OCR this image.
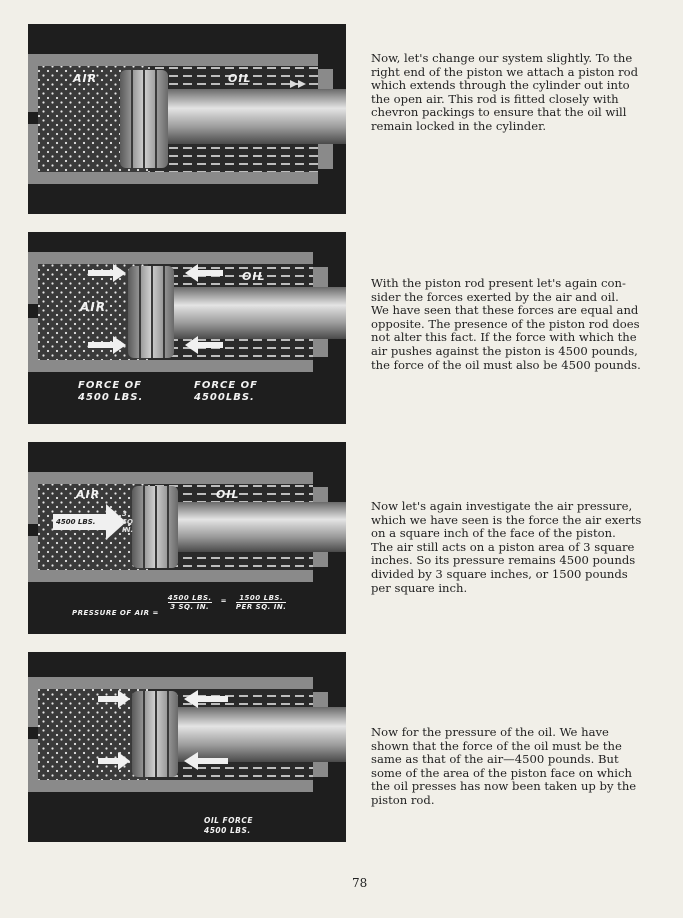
AIR	OIL
AIR
OIL
FORCE OF
4500 LBS.
FORCE OF
4500LBS.
AIR	OIL
4500 LBS.
3
SQ
IN.
PRESSURE OF AIR =
4500 LBS.
3 SQ. IN.
=	1500 LBS.
PER SQ. IN.
OIL FORCE
4500 LBS.
Now, let's change our system slightly. To the
right end of the piston we attach a piston rod
which extends through the cylinder out into
the open air. This rod is fitted closely with
chevron packings to ensure that the oil will
remain locked in the cylinder.
With the piston rod present let's again con-
sider the forces exerted by the air and oil.
We have seen that these forces are equal and
opposite. The presence of the piston rod does
not alter this fact. If the force with which the
air pushes against the piston is 4500 pounds,
the force of the oil must also be 4500 pounds.
Now let's again investigate the air pressure,
which we have seen is the force the air exerts
on a square inch of the face of the piston.
The air still acts on a piston area of 3 square
inches. So its pressure remains 4500 pounds
divided by 3 square inches, or 1500 pounds
per square inch.
Now for the pressure of the oil. We have
shown that the force of the oil must be the
same as that of the air—4500 pounds. But
some of the area of the piston face on which
the oil presses has now been taken up by the
piston rod.
78
